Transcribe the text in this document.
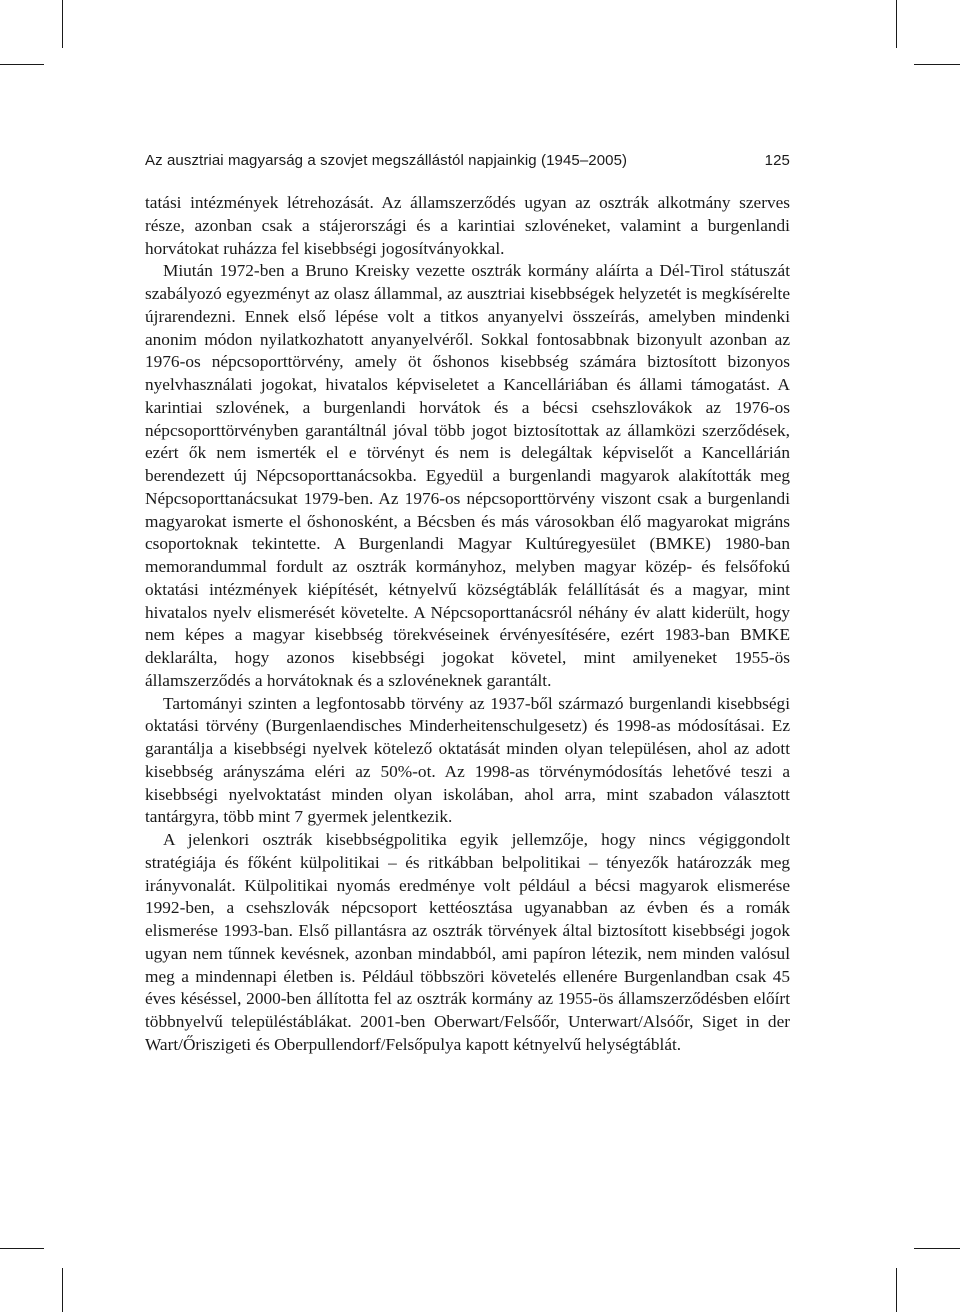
Az ausztriai magyarság a szovjet megszállástól napjainkig (1945–2005)	125

tatási intézmények létrehozását. Az államszerződés ugyan az osztrák alkotmány szerves része, azonban csak a stájerországi és a karintiai szlovéneket, valamint a burgenlandi horvátokat ruházza fel kisebbségi jogosítványokkal.

Miután 1972-ben a Bruno Kreisky vezette osztrák kormány aláírta a Dél-Tirol státuszát szabályozó egyezményt az olasz állammal, az ausztriai kisebbségek helyzetét is megkísérelte újrarendezni. Ennek első lépése volt a titkos anyanyelvi összeírás, amelyben mindenki anonim módon nyilatkozhatott anyanyelvéről. Sokkal fontosabbnak bizonyult azonban az 1976-os népcsoporttörvény, amely öt őshonos kisebbség számára biztosított bizonyos nyelvhasználati jogokat, hivatalos képviseletet a Kancelláriában és állami támogatást. A karintiai szlovének, a burgenlandi horvátok és a bécsi csehszlovákok az 1976-os népcsoporttörvényben garantáltnál jóval több jogot biztosítottak az államközi szerződések, ezért ők nem ismerték el e törvényt és nem is delegáltak képviselőt a Kancellárián berendezett új Népcsoporttanácsokba. Egyedül a burgenlandi magyarok alakították meg Népcsoporttanácsukat 1979-ben. Az 1976-os népcsoporttörvény viszont csak a burgenlandi magyarokat ismerte el őshonosként, a Bécsben és más városokban élő magyarokat migráns csoportoknak tekintette. A Burgenlandi Magyar Kultúregyesület (BMKE) 1980-ban memorandummal fordult az osztrák kormányhoz, melyben magyar közép- és felsőfokú oktatási intézmények kiépítését, kétnyelvű községtáblák felállítását és a magyar, mint hivatalos nyelv elismerését követelte. A Népcsoporttanácsról néhány év alatt kiderült, hogy nem képes a magyar kisebbség törekvéseinek érvényesítésére, ezért 1983-ban BMKE deklarálta, hogy azonos kisebbségi jogokat követel, mint amilyeneket 1955-ös államszerződés a horvátoknak és a szlovéneknek garantált.

Tartományi szinten a legfontosabb törvény az 1937-ből származó burgenlandi kisebbségi oktatási törvény (Burgenlaendisches Minderheitenschulgesetz) és 1998-as módosításai. Ez garantálja a kisebbségi nyelvek kötelező oktatását minden olyan településen, ahol az adott kisebbség arányszáma eléri az 50%-ot. Az 1998-as törvénymódosítás lehetővé teszi a kisebbségi nyelvoktatást minden olyan iskolában, ahol arra, mint szabadon választott tantárgyra, több mint 7 gyermek jelentkezik.

A jelenkori osztrák kisebbségpolitika egyik jellemzője, hogy nincs végiggondolt stratégiája és főként külpolitikai – és ritkábban belpolitikai – tényezők határozzák meg irányvonalát. Külpolitikai nyomás eredménye volt például a bécsi magyarok elismerése 1992-ben, a csehszlovák népcsoport kettéosztása ugyanabban az évben és a romák elismerése 1993-ban. Első pillantásra az osztrák törvények által biztosított kisebbségi jogok ugyan nem tűnnek kevésnek, azonban mindabból, ami papíron létezik, nem minden valósul meg a mindennapi életben is. Például többszöri követelés ellenére Burgenlandban csak 45 éves késéssel, 2000-ben állította fel az osztrák kormány az 1955-ös államszerződésben előírt többnyelvű településtáblákat. 2001-ben Oberwart/Felsőőr, Unterwart/Alsóőr, Siget in der Wart/Őriszigeti és Oberpullendorf/Felsőpulya kapott kétnyelvű helységtáblát.
